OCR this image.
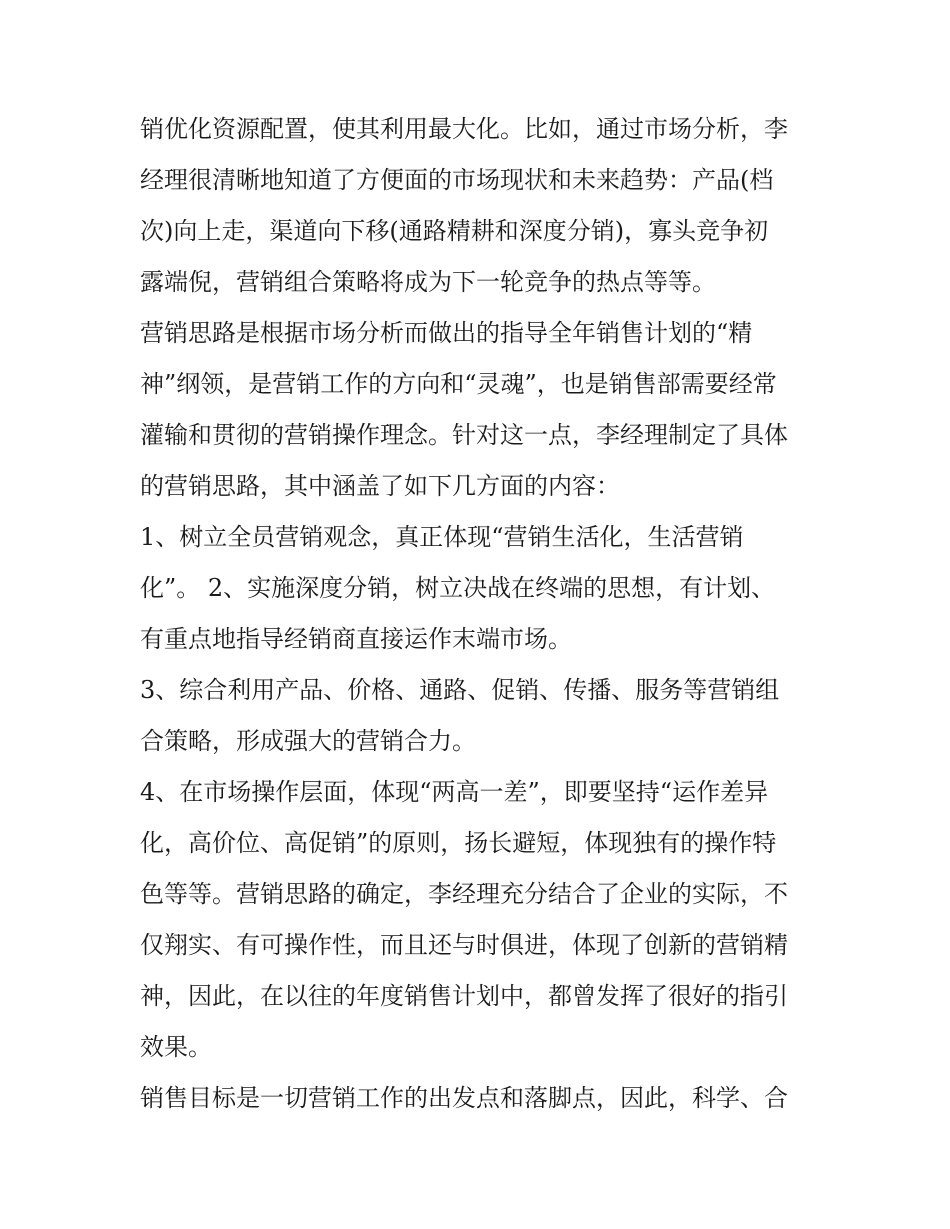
销优化资源配置，使其利用最大化。比如，通过市场分析，李
经理很清晰地知道了方便面的市场现状和未来趋势：产品(档
次)向上走，渠道向下移(通路精耕和深度分销)，寡头竞争初
露端倪，营销组合策略将成为下一轮竞争的热点等等。
营销思路是根据市场分析而做出的指导全年销售计划的“精
神”纲领，是营销工作的方向和“灵魂”，也是销售部需要经常
灌输和贯彻的营销操作理念。针对这一点，李经理制定了具体
的营销思路，其中涵盖了如下几方面的内容：
1、树立全员营销观念，真正体现“营销生活化，生活营销
化”。 2、实施深度分销，树立决战在终端的思想，有计划、
有重点地指导经销商直接运作末端市场。
3、综合利用产品、价格、通路、促销、传播、服务等营销组
合策略，形成强大的营销合力。
4、在市场操作层面，体现“两高一差”，即要坚持“运作差异
化，高价位、高促销”的原则，扬长避短，体现独有的操作特
色等等。营销思路的确定，李经理充分结合了企业的实际，不
仅翔实、有可操作性，而且还与时俱进，体现了创新的营销精
神，因此，在以往的年度销售计划中，都曾发挥了很好的指引
效果。
销售目标是一切营销工作的出发点和落脚点，因此，科学、合
